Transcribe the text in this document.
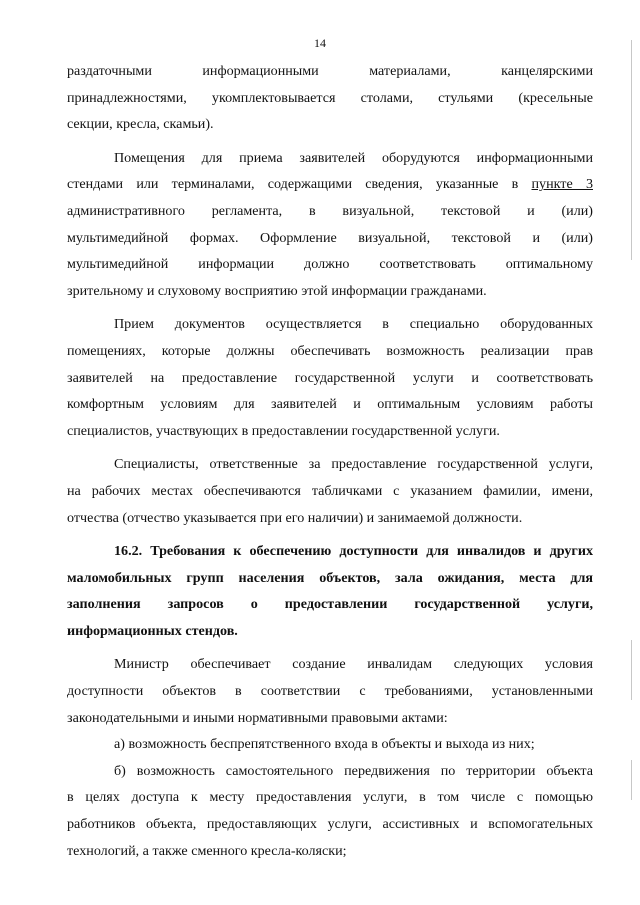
14
раздаточными информационными материалами, канцелярскими
принадлежностями, укомплектовывается столами, стульями (кресельные
секции, кресла, скамьи).
Помещения для приема заявителей оборудуются информационными
стендами или терминалами, содержащими сведения, указанные в пункте 3
административного регламента, в визуальной, текстовой и (или)
мультимедийной формах. Оформление визуальной, текстовой и (или)
мультимедийной информации должно соответствовать оптимальному
зрительному и слуховому восприятию этой информации гражданами.
Прием документов осуществляется в специально оборудованных
помещениях, которые должны обеспечивать возможность реализации прав
заявителей на предоставление государственной услуги и соответствовать
комфортным условиям для заявителей и оптимальным условиям работы
специалистов, участвующих в предоставлении государственной услуги.
Специалисты, ответственные за предоставление государственной услуги,
на рабочих местах обеспечиваются табличками с указанием фамилии, имени,
отчества (отчество указывается при его наличии) и занимаемой должности.
16.2. Требования к обеспечению доступности для инвалидов и других
маломобильных групп населения объектов, зала ожидания, места для
заполнения запросов о предоставлении государственной услуги,
информационных стендов.
Министр обеспечивает создание инвалидам следующих условия
доступности объектов в соответствии с требованиями, установленными
законодательными и иными нормативными правовыми актами:
а) возможность беспрепятственного входа в объекты и выхода из них;
б) возможность самостоятельного передвижения по территории объекта
в целях доступа к месту предоставления услуги, в том числе с помощью
работников объекта, предоставляющих услуги, ассистивных и вспомогательных
технологий, а также сменного кресла-коляски;
